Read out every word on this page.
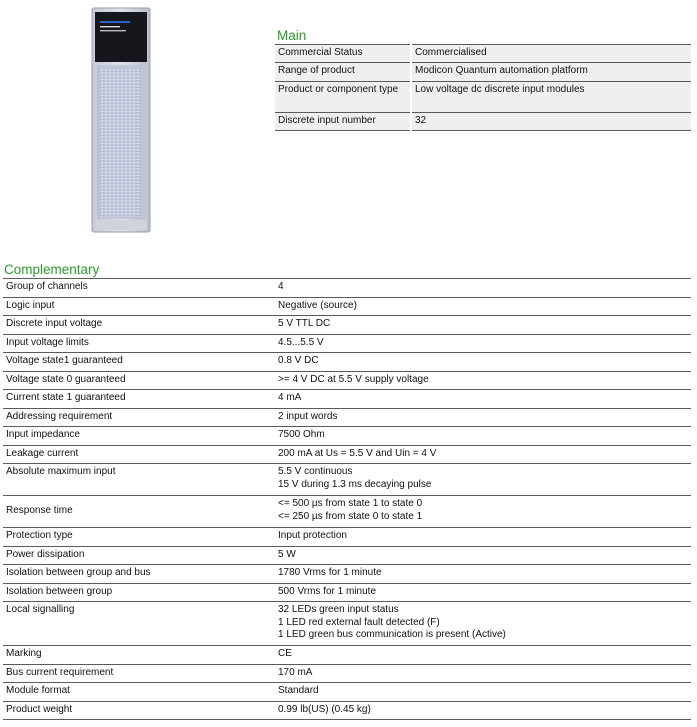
Main
Commercial Status	Commercialised
Range of product	Modicon Quantum automation platform
Product or component type	Low voltage dc discrete input modules
Discrete input number	32
Complementary
Group of channels	4

Logic input	Negative (source)

Discrete input voltage	5 V TTL DC

Input voltage limits	4.5...5.5 V

Voltage state1 guaranteed	0.8 V DC

Voltage state 0 guaranteed	>= 4 V DC at 5.5 V supply voltage

Current state 1 guaranteed	4 mA

Addressing requirement	2 input words

Input impedance	7500 Ohm

Leakage current	200 mA at Us = 5.5 V and Uin = 4 V

Absolute maximum input	5.5 V continuous
15 V during 1.3 ms decaying pulse

Response time	<= 500 µs from state 1 to state 0
<= 250 µs from state 0 to state 1

Protection type	Input protection

Power dissipation	5 W

Isolation between group and bus	1780 Vrms for 1 minute

Isolation between group	500 Vrms for 1 minute

Local signalling	32 LEDs green input status
1 LED red external fault detected (F)
1 LED green bus communication is present (Active)

Marking	CE

Bus current requirement	170 mA

Module format	Standard

Product weight	0.99 lb(US) (0.45 kg)
